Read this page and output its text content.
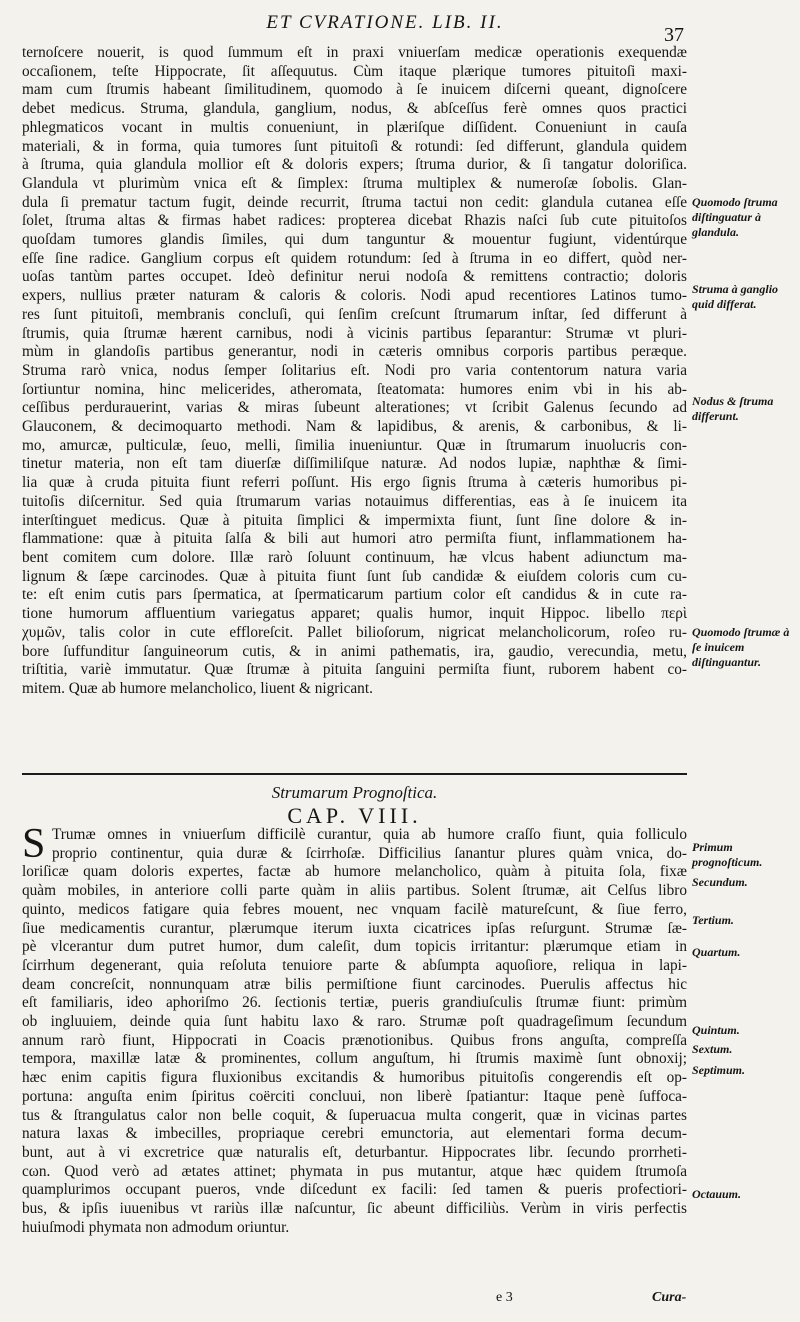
ET CVRATIONE. LIB. II.
37
ternoſcere nouerit, is quod ſummum eſt in praxi vniuerſam medicæ operationis exequendæ
occaſionem, teſte Hippocrate, ſit aſſequutus. Cùm itaque plærique tumores pituitoſi maxi-
mam cum ſtrumis habeant ſimilitudinem, quomodo à ſe inuicem diſcerni queant, dignoſcere
debet medicus. Struma, glandula, ganglium, nodus, & abſceſſus ferè omnes quos practici
phlegmaticos vocant in multis conueniunt, in plæriſque diſſident. Conueniunt in cauſa
materiali, & in forma, quia tumores ſunt pituitoſi & rotundi: ſed differunt, glandula quidem
à ſtruma, quia glandula mollior eſt & doloris expers; ſtruma durior, & ſi tangatur doloriſica.
Glandula vt plurimùm vnica eſt & ſimplex: ſtruma multiplex & numeroſæ ſobolis. Glan-
dula ſi prematur tactum fugit, deinde recurrit, ſtruma tactui non cedit: glandula cutanea eſſe
ſolet, ſtruma altas & firmas habet radices: propterea dicebat Rhazis naſci ſub cute pituitoſos
quoſdam tumores glandis ſimiles, qui dum tanguntur & mouentur fugiunt, videntúrque
eſſe ſine radice. Ganglium corpus eſt quidem rotundum: ſed à ſtruma in eo differt, quòd ner-
uoſas tantùm partes occupet. Ideò definitur nerui nodoſa & remittens contractio; doloris
expers, nullius præter naturam & caloris & coloris. Nodi apud recentiores Latinos tumo-
res ſunt pituitoſi, membranis concluſi, qui ſenſim creſcunt ſtrumarum inſtar, ſed differunt à
ſtrumis, quia ſtrumæ hærent carnibus, nodi à vicinis partibus ſeparantur: Strumæ vt pluri-
mùm in glandoſis partibus generantur, nodi in cæteris omnibus corporis partibus peræque.
Struma rarò vnica, nodus ſemper ſolitarius eſt. Nodi pro varia contentorum natura varia
ſortiuntur nomina, hinc melicerides, atheromata, ſteatomata: humores enim vbi in his ab-
ceſſibus perdurauerint, varias & miras ſubeunt alterationes; vt ſcribit Galenus ſecundo ad
Glauconem, & decimoquarto methodi. Nam & lapidibus, & arenis, & carbonibus, & li-
mo, amurcæ, pulticulæ, ſeuo, melli, ſimilia inueniuntur. Quæ in ſtrumarum inuolucris con-
tinetur materia, non eſt tam diuerſæ diſſimiliſque naturæ. Ad nodos lupiæ, naphthæ & ſimi-
lia quæ à cruda pituita fiunt referri poſſunt. His ergo ſignis ſtruma à cæteris humoribus pi-
tuitoſis diſcernitur. Sed quia ſtrumarum varias notauimus differentias, eas à ſe inuicem ita
interſtinguet medicus. Quæ à pituita ſimplici & impermixta fiunt, ſunt ſine dolore & in-
flammatione: quæ à pituita ſalſa & bili aut humori atro permiſta fiunt, inflammationem ha-
bent comitem cum dolore. Illæ rarò ſoluunt continuum, hæ vlcus habent adiunctum ma-
lignum & ſæpe carcinodes. Quæ à pituita fiunt ſunt ſub candidæ & eiuſdem coloris cum cu-
te: eſt enim cutis pars ſpermatica, at ſpermaticarum partium color eſt candidus & in cute ra-
tione humorum affluentium variegatus apparet; qualis humor, inquit Hippoc. libello περὶ
χυμῶν, talis color in cute effloreſcit. Pallet bilioſorum, nigricat melancholicorum, roſeo ru-
bore ſuffunditur ſanguineorum cutis, & in animi pathematis, ira, gaudio, verecundia, metu,
triſtitia, variè immutatur. Quæ ſtrumæ à pituita ſanguini permiſta fiunt, ruborem habent co-
mitem. Quæ ab humore melancholico, liuent & nigricant.
Strumarum Prognoſtica.
CAP. VIII.
Trumæ omnes in vniuerſum difficilè curantur, quia ab humore craſſo fiunt, quia folliculo
proprio continentur, quia duræ & ſcirrhoſæ. Difficilius ſanantur plures quàm vnica, do-
loriſicæ quam doloris expertes, factæ ab humore melancholico, quàm à pituita ſola, fixæ
quàm mobiles, in anteriore colli parte quàm in aliis partibus. Solent ſtrumæ, ait Celſus libro
quinto, medicos fatigare quia febres mouent, nec vnquam facilè matureſcunt, & ſiue ferro,
ſiue medicamentis curantur, plærumque iterum iuxta cicatrices ipſas reſurgunt. Strumæ ſæ-
pè vlcerantur dum putret humor, dum caleſit, dum topicis irritantur: plærumque etiam in
ſcirrhum degenerant, quia reſoluta tenuiore parte & abſumpta aquoſiore, reliqua in lapi-
deam concreſcit, nonnunquam atræ bilis permiſtione fiunt carcinodes. Puerulis affectus hic
eſt familiaris, ideo aphoriſmo 26. ſectionis tertiæ, pueris grandiuſculis ſtrumæ fiunt: primùm
ob ingluuiem, deinde quia ſunt habitu laxo & raro. Strumæ poſt quadrageſimum ſecundum
annum rarò fiunt, Hippocrati in Coacis prænotionibus. Quibus frons anguſta, compreſſa
tempora, maxillæ latæ & prominentes, collum anguſtum, hi ſtrumis maximè ſunt obnoxij;
hæc enim capitis figura fluxionibus excitandis & humoribus pituitoſis congerendis eſt op-
portuna: anguſta enim ſpiritus coërciti concluui, non liberè ſpatiantur: Itaque penè ſuffoca-
tus & ſtrangulatus calor non belle coquit, & ſuperuacua multa congerit, quæ in vicinas partes
natura laxas & imbecilles, propriaque cerebri emunctoria, aut elementari forma decum-
bunt, aut à vi excretrice quæ naturalis eſt, deturbantur. Hippocrates libr. ſecundo prorrheti-
cωn. Quod verò ad ætates attinet; phymata in pus mutantur, atque hæc quidem ſtrumoſa
quamplurimos occupant pueros, vnde diſcedunt ex facili: ſed tamen & pueris profectiori-
bus, & ipſis iuuenibus vt rariùs illæ naſcuntur, ſic abeunt difficiliùs. Verùm in viris perfectis
huiuſmodi phymata non admodum oriuntur.
S
Quomodo ſtruma diſtinguatur à glandula.
Struma à ganglio quid differat.
Nodus & ſtruma differunt.
Quomodo ſtrumæ à ſe inuicem diſtinguantur.
Primum prognoſticum.
Secundum.
Tertium.
Quartum.
Quintum.
Sextum.
Septimum.
Octauum.
e 3	Cura-
